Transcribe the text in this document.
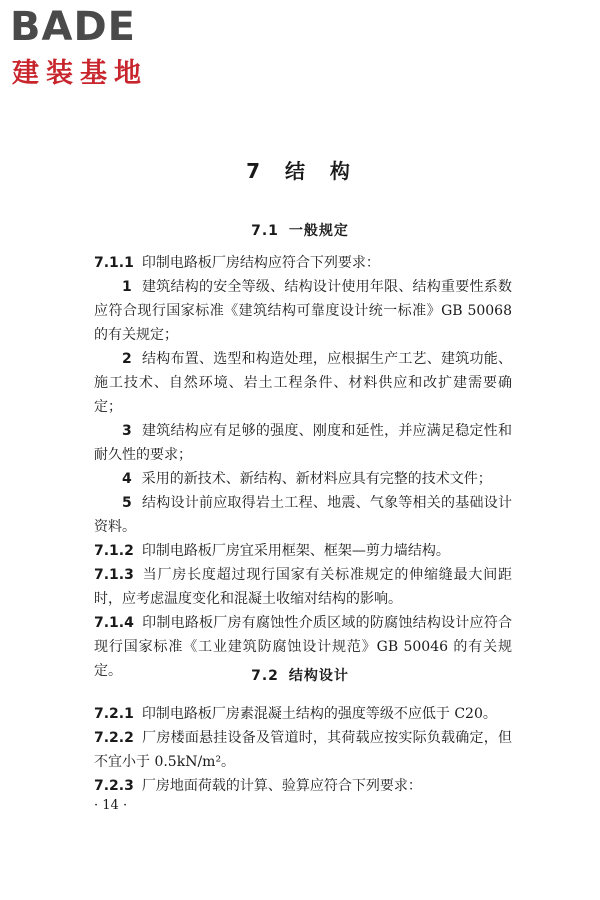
BADE
建装基地
7 结 构
7.1 一般规定

7.1.1 印制电路板厂房结构应符合下列要求：

1 建筑结构的安全等级、结构设计使用年限、结构重要性系数应符合现行国家标准《建筑结构可靠度设计统一标准》GB 50068 的有关规定；

2 结构布置、选型和构造处理，应根据生产工艺、建筑功能、施工技术、自然环境、岩土工程条件、材料供应和改扩建需要确定；

3 建筑结构应有足够的强度、刚度和延性，并应满足稳定性和耐久性的要求；

4 采用的新技术、新结构、新材料应具有完整的技术文件；

5 结构设计前应取得岩土工程、地震、气象等相关的基础设计资料。

7.1.2 印制电路板厂房宜采用框架、框架—剪力墙结构。

7.1.3 当厂房长度超过现行国家有关标准规定的伸缩缝最大间距时，应考虑温度变化和混凝土收缩对结构的影响。

7.1.4 印制电路板厂房有腐蚀性介质区域的防腐蚀结构设计应符合现行国家标准《工业建筑防腐蚀设计规范》GB 50046 的有关规定。	7.2 结构设计

7.2.1 印制电路板厂房素混凝土结构的强度等级不应低于 C20。

7.2.2 厂房楼面悬挂设备及管道时，其荷载应按实际负载确定，但不宜小于 0.5kN/m²。

7.2.3 厂房地面荷载的计算、验算应符合下列要求：

· 14 ·
